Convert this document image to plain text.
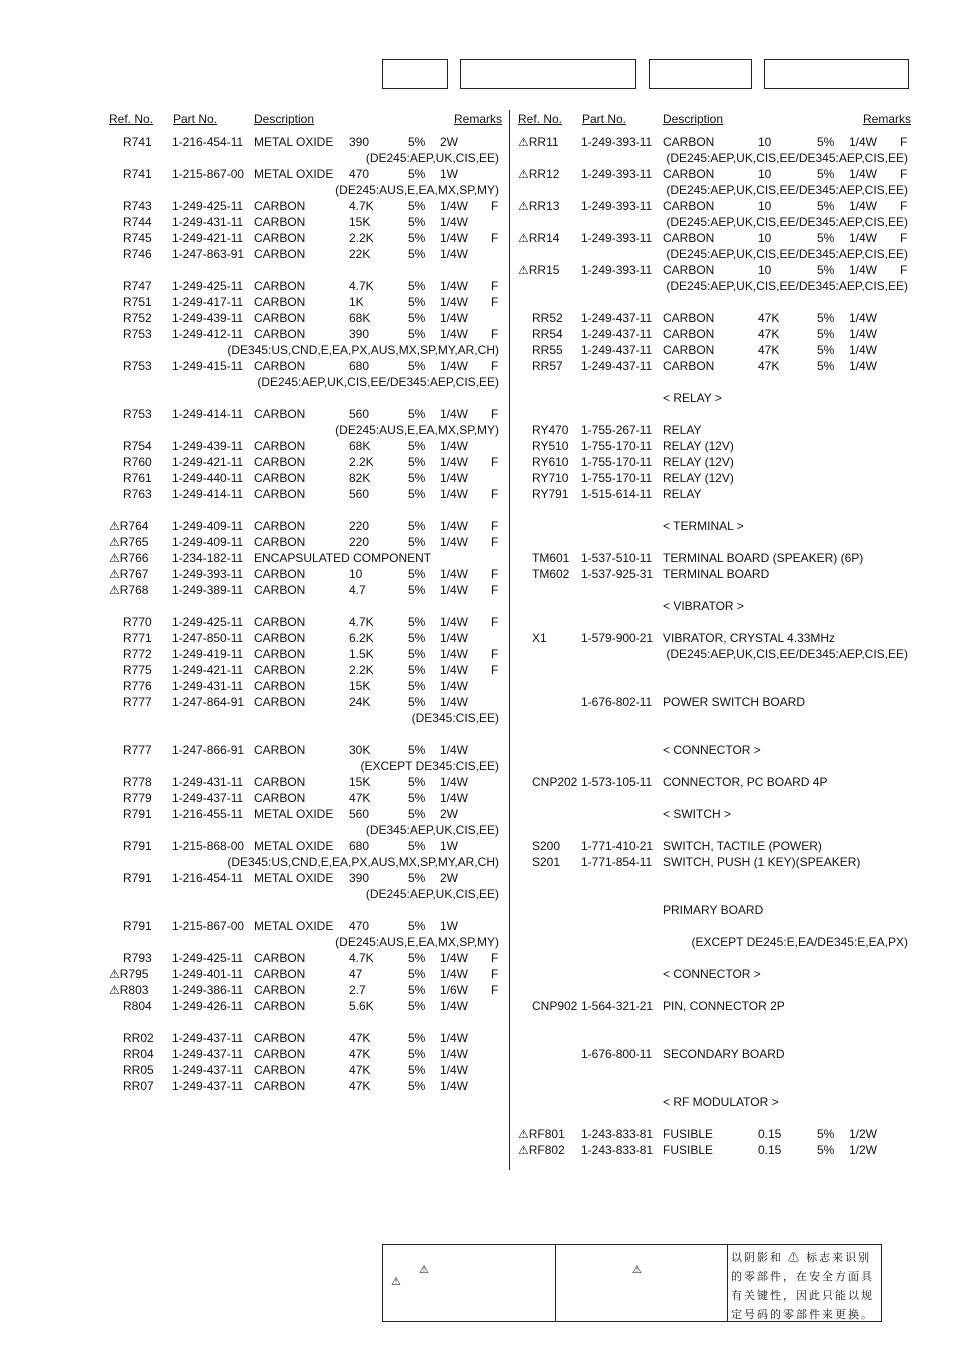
Ref. No. Part No.	Description	Remarks Ref. No. Part No.	Description	Remarks
R741 1-216-454-11 METAL OXIDE 390	5% 2W
(DE245:AEP,UK,CIS,EE)
R741 1-215-867-00 METAL OXIDE 470	5% 1W
(DE245:AUS,E,EA,MX,SP,MY)
R743 1-249-425-11 CARBON	4.7K	5% 1/4W F
R744 1-249-431-11 CARBON	15K	5% 1/4W
R745 1-249-421-11 CARBON	2.2K	5% 1/4W F
R746 1-247-863-91 CARBON	22K	5% 1/4W
R747 1-249-425-11 CARBON	4.7K	5% 1/4W F
R751 1-249-417-11 CARBON	1K	5% 1/4W F
R752 1-249-439-11 CARBON	68K	5% 1/4W
R753 1-249-412-11 CARBON	390	5% 1/4W F
(DE345:US,CND,E,EA,PX,AUS,MX,SP,MY,AR,CH)
R753 1-249-415-11 CARBON	680	5% 1/4W F
(DE245:AEP,UK,CIS,EE/DE345:AEP,CIS,EE)
R753 1-249-414-11 CARBON	560	5% 1/4W F
(DE245:AUS,E,EA,MX,SP,MY)
R754 1-249-439-11 CARBON	68K	5% 1/4W
R760 1-249-421-11 CARBON	2.2K	5% 1/4W F
R761 1-249-440-11 CARBON	82K	5% 1/4W
R763 1-249-414-11 CARBON	560	5% 1/4W F
⚠R764 1-249-409-11 CARBON	220	5% 1/4W F
⚠R765 1-249-409-11 CARBON	220	5% 1/4W F
⚠R766 1-234-182-11 ENCAPSULATED COMPONENT
⚠R767 1-249-393-11 CARBON	10	5% 1/4W F
⚠R768 1-249-389-11 CARBON	4.7	5% 1/4W F
R770 1-249-425-11 CARBON	4.7K	5% 1/4W F
R771 1-247-850-11 CARBON	6.2K	5% 1/4W
R772 1-249-419-11 CARBON	1.5K	5% 1/4W F
R775 1-249-421-11 CARBON	2.2K	5% 1/4W F
R776 1-249-431-11 CARBON	15K	5% 1/4W
R777 1-247-864-91 CARBON	24K	5% 1/4W
(DE345:CIS,EE)
R777 1-247-866-91 CARBON	30K	5% 1/4W
(EXCEPT DE345:CIS,EE)
R778 1-249-431-11 CARBON	15K	5% 1/4W
R779 1-249-437-11 CARBON	47K	5% 1/4W
R791 1-216-455-11 METAL OXIDE 560	5% 2W
(DE345:AEP,UK,CIS,EE)
R791 1-215-868-00 METAL OXIDE 680	5% 1W
(DE345:US,CND,E,EA,PX,AUS,MX,SP,MY,AR,CH)
R791 1-216-454-11 METAL OXIDE 390	5% 2W
(DE245:AEP,UK,CIS,EE)
R791 1-215-867-00 METAL OXIDE 470	5% 1W
(DE245:AUS,E,EA,MX,SP,MY)
R793 1-249-425-11 CARBON	4.7K	5% 1/4W F
⚠R795 1-249-401-11 CARBON	47	5% 1/4W F
⚠R803 1-249-386-11 CARBON	2.7	5% 1/6W F
R804 1-249-426-11 CARBON	5.6K	5% 1/4W
RR02 1-249-437-11 CARBON	47K	5% 1/4W
RR04 1-249-437-11 CARBON	47K	5% 1/4W
RR05 1-249-437-11 CARBON	47K	5% 1/4W
RR07 1-249-437-11 CARBON	47K	5% 1/4W
⚠RR11 1-249-393-11 CARBON	10	5% 1/4W F
(DE245:AEP,UK,CIS,EE/DE345:AEP,CIS,EE)
⚠RR12 1-249-393-11 CARBON	10	5% 1/4W F
(DE245:AEP,UK,CIS,EE/DE345:AEP,CIS,EE)
⚠RR13 1-249-393-11 CARBON	10	5% 1/4W F
(DE245:AEP,UK,CIS,EE/DE345:AEP,CIS,EE)
⚠RR14 1-249-393-11 CARBON	10	5% 1/4W F
(DE245:AEP,UK,CIS,EE/DE345:AEP,CIS,EE)
⚠RR15 1-249-393-11 CARBON	10	5% 1/4W F
(DE245:AEP,UK,CIS,EE/DE345:AEP,CIS,EE)
RR52 1-249-437-11 CARBON	47K	5% 1/4W
RR54 1-249-437-11 CARBON	47K	5% 1/4W
RR55 1-249-437-11 CARBON	47K	5% 1/4W
RR57 1-249-437-11 CARBON	47K	5% 1/4W
< RELAY >
RY470 1-755-267-11 RELAY
RY510 1-755-170-11 RELAY (12V)
RY610 1-755-170-11 RELAY (12V)
RY710 1-755-170-11 RELAY (12V)
RY791 1-515-614-11 RELAY
< TERMINAL >
TM601 1-537-510-11 TERMINAL BOARD (SPEAKER) (6P)
TM602 1-537-925-31 TERMINAL BOARD
< VIBRATOR >
X1	1-579-900-21 VIBRATOR, CRYSTAL 4.33MHz
(DE245:AEP,UK,CIS,EE/DE345:AEP,CIS,EE)
1-676-802-11 POWER SWITCH BOARD
< CONNECTOR >
CNP202 1-573-105-11 CONNECTOR, PC BOARD 4P
< SWITCH >
S200 1-771-410-21 SWITCH, TACTILE (POWER)
S201 1-771-854-11 SWITCH, PUSH (1 KEY)(SPEAKER)
PRIMARY BOARD
(EXCEPT DE245:E,EA/DE345:E,EA,PX)
< CONNECTOR >
CNP902 1-564-321-21 PIN, CONNECTOR 2P
1-676-800-11 SECONDARY BOARD
< RF MODULATOR >
⚠RF801 1-243-833-81 FUSIBLE	0.15	5% 1/2W
⚠RF802 1-243-833-81 FUSIBLE	0.15	5% 1/2W
⚠
⚠
⚠
以阴影和 ⚠ 标志来识别的零部件，在安全方面具有关键性，因此只能以规定号码的零部件来更换。
